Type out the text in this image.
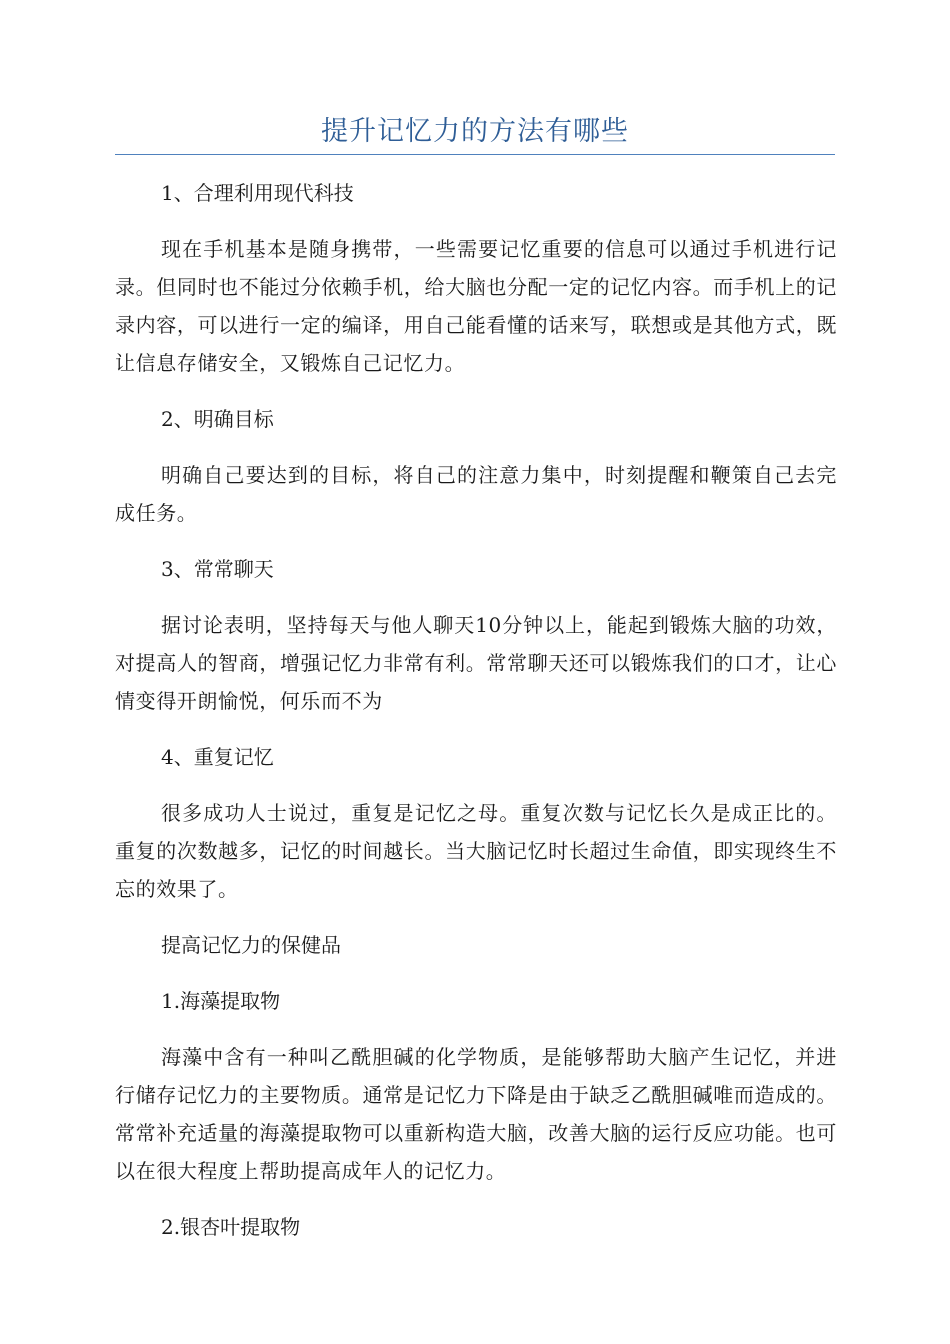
提升记忆力的方法有哪些

1、合理利用现代科技

现在手机基本是随身携带，一些需要记忆重要的信息可以通过手机进行记录。但同时也不能过分依赖手机，给大脑也分配一定的记忆内容。而手机上的记录内容，可以进行一定的编译，用自己能看懂的话来写，联想或是其他方式，既让信息存储安全，又锻炼自己记忆力。

2、明确目标

明确自己要达到的目标，将自己的注意力集中，时刻提醒和鞭策自己去完成任务。

3、常常聊天

据讨论表明，坚持每天与他人聊天10分钟以上，能起到锻炼大脑的功效，对提高人的智商，增强记忆力非常有利。常常聊天还可以锻炼我们的口才，让心情变得开朗愉悦，何乐而不为

4、重复记忆

很多成功人士说过，重复是记忆之母。重复次数与记忆长久是成正比的。重复的次数越多，记忆的时间越长。当大脑记忆时长超过生命值，即实现终生不忘的效果了。

提高记忆力的保健品

1.海藻提取物

海藻中含有一种叫乙酰胆碱的化学物质，是能够帮助大脑产生记忆，并进行储存记忆力的主要物质。通常是记忆力下降是由于缺乏乙酰胆碱唯而造成的。常常补充适量的海藻提取物可以重新构造大脑，改善大脑的运行反应功能。也可以在很大程度上帮助提高成年人的记忆力。

2.银杏叶提取物
